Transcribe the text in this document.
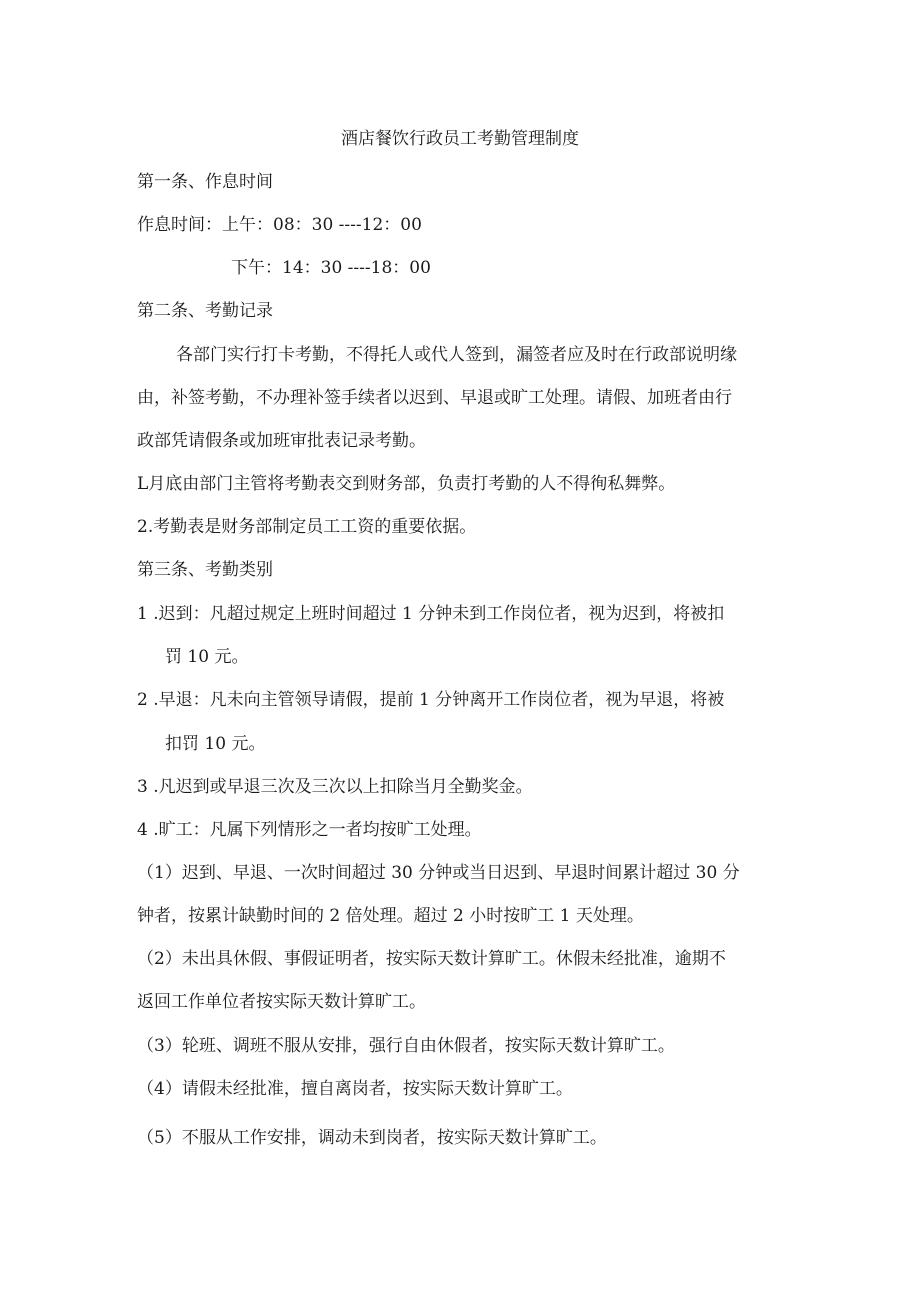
酒店餐饮行政员工考勤管理制度
第一条、作息时间
作息时间：上午：08：30 ----12：00
下午：14：30 ----18：00
第二条、考勤记录
各部门实行打卡考勤，不得托人或代人签到，漏签者应及时在行政部说明缘
由，补签考勤，不办理补签手续者以迟到、早退或旷工处理。请假、加班者由行
政部凭请假条或加班审批表记录考勤。
L月底由部门主管将考勤表交到财务部，负责打考勤的人不得徇私舞弊。
2.考勤表是财务部制定员工工资的重要依据。
第三条、考勤类别
1 .迟到：凡超过规定上班时间超过 1 分钟未到工作岗位者，视为迟到，将被扣
罚 10 元。
2 .早退：凡未向主管领导请假，提前 1 分钟离开工作岗位者，视为早退，将被
扣罚 10 元。
3 .凡迟到或早退三次及三次以上扣除当月全勤奖金。
4 .旷工：凡属下列情形之一者均按旷工处理。
（1）迟到、早退、一次时间超过 30 分钟或当日迟到、早退时间累计超过 30 分
钟者，按累计缺勤时间的 2 倍处理。超过 2 小时按旷工 1 天处理。
（2）未出具休假、事假证明者，按实际天数计算旷工。休假未经批准，逾期不
返回工作单位者按实际天数计算旷工。
（3）轮班、调班不服从安排，强行自由休假者，按实际天数计算旷工。
（4）请假未经批准，擅自离岗者，按实际天数计算旷工。
（5）不服从工作安排，调动未到岗者，按实际天数计算旷工。
